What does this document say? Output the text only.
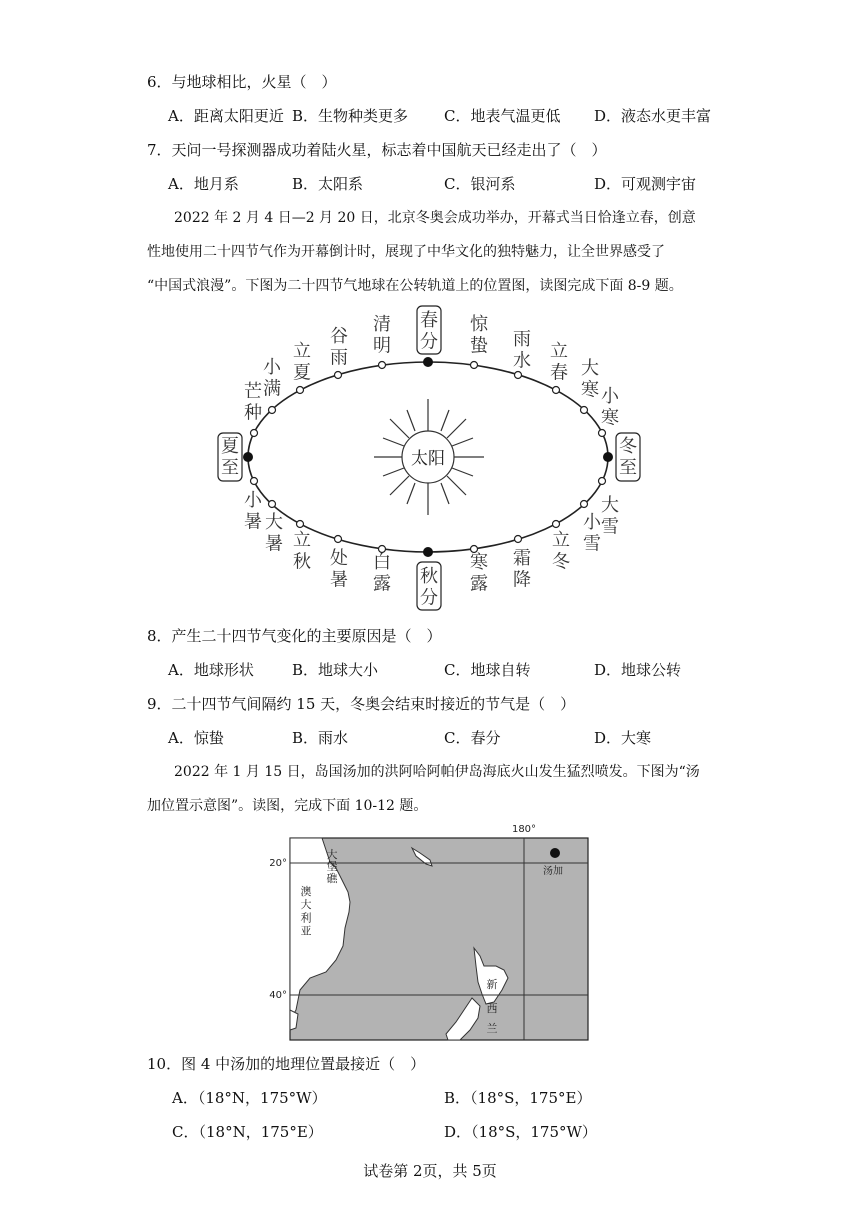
6．与地球相比，火星（　）
A．距离太阳更近 B．生物种类更多 C．地表气温更低 D．液态水更丰富
7．天问一号探测器成功着陆火星，标志着中国航天已经走出了（　）
A．地月系	B．太阳系	C．银河系	D．可观测宇宙
2022 年 2 月 4 日—2 月 20 日，北京冬奥会成功举办，开幕式当日恰逢立春，创意
性地使用二十四节气作为开幕倒计时，展现了中华文化的独特魅力，让全世界感受了
“中国式浪漫”。下图为二十四节气地球在公转轨道上的位置图，读图完成下面 8-9 题。
太阳
春分
惊蛰 雨水 立春 大寒 小寒
冬至
大雪
小雪
立冬
霜降
寒露
秋分
白露
处暑
立秋
大暑
小暑
夏至
芒种
小满
立夏
谷雨
清明
8．产生二十四节气变化的主要原因是（　）
A．地球形状	B．地球大小	C．地球自转	D．地球公转
9．二十四节气间隔约 15 天，冬奥会结束时接近的节气是（　）
A．惊蛰	B．雨水	C．春分	D．大寒
2022 年 1 月 15 日，岛国汤加的洪阿哈阿帕伊岛海底火山发生猛烈喷发。下图为“汤
加位置示意图”。读图，完成下面 10-12 题。
180°
20°
40°
汤加
澳大利亚
大堡礁
新西兰
10．图 4 中汤加的地理位置最接近（　）
A．（18°N，175°W）	B．（18°S，175°E）
C．（18°N，175°E）	D．（18°S，175°W）
试卷第 2页，共 5页
